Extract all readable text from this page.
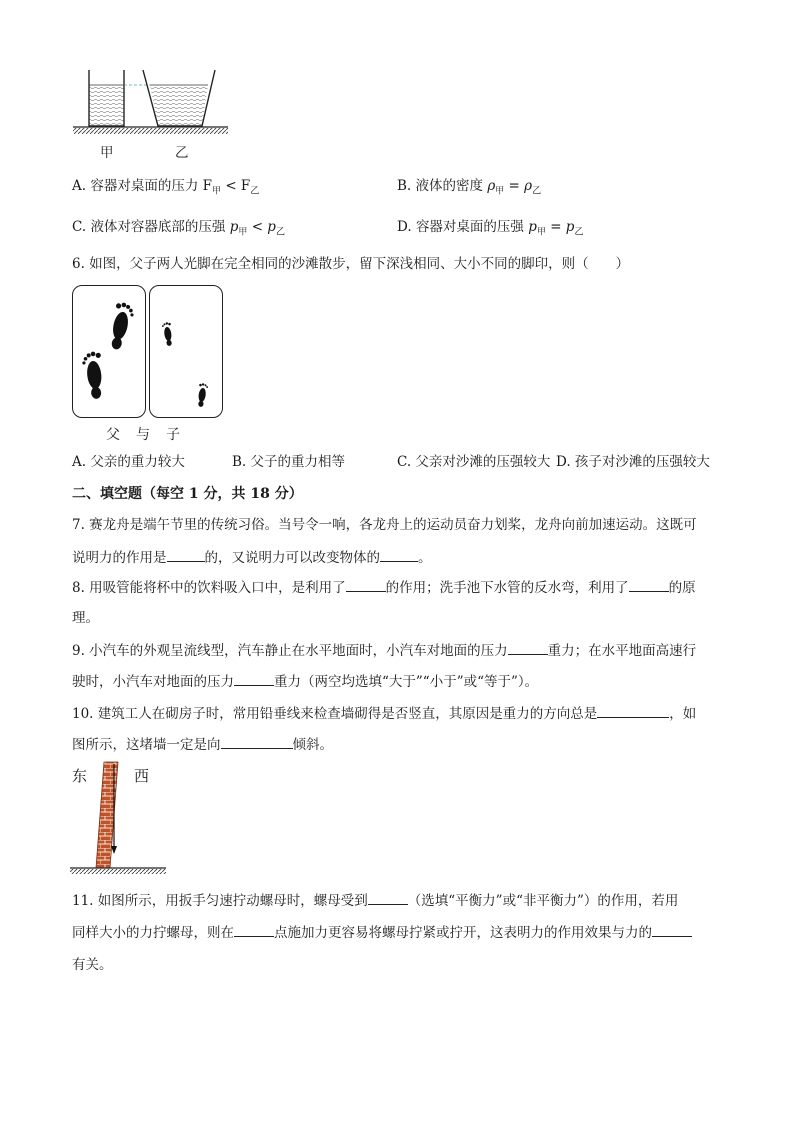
甲	乙
A. 容器对桌面的压力 $F_甲 < F_乙$	B. 液体的密度 $\rho_甲 = \rho_乙$
C. 液体对容器底部的压强 $p_甲 < p_乙$	D. 容器对桌面的压强 $p_甲 = p_乙$
6. 如图，父子两人光脚在完全相同的沙滩散步，留下深浅相同、大小不同的脚印，则（　　）
父　与　子
A. 父亲的重力较大	B. 父子的重力相等	C. 父亲对沙滩的压强较大 D. 孩子对沙滩的压强较大
二、填空题（每空 1 分，共 18 分）
7. 赛龙舟是端午节里的传统习俗。当号令一响，各龙舟上的运动员奋力划桨，龙舟向前加速运动。这既可
说明力的作用是	的，又说明力可以改变物体的	。
8. 用吸管能将杯中的饮料吸入口中，是利用了	的作用；洗手池下水管的反水弯，利用了	的原
理。
9. 小汽车的外观呈流线型，汽车静止在水平地面时，小汽车对地面的压力	重力；在水平地面高速行
驶时，小汽车对地面的压力	重力（两空均选填“大于”“小于”或“等于”）。
10. 建筑工人在砌房子时，常用铅垂线来检查墙砌得是否竖直，其原因是重力的方向总是	，如
图所示，这堵墙一定是向	倾斜。
东	西
11. 如图所示，用扳手匀速拧动螺母时，螺母受到	（选填“平衡力”或“非平衡力”）的作用，若用
同样大小的力拧螺母，则在	点施加力更容易将螺母拧紧或拧开，这表明力的作用效果与力的
有关。
